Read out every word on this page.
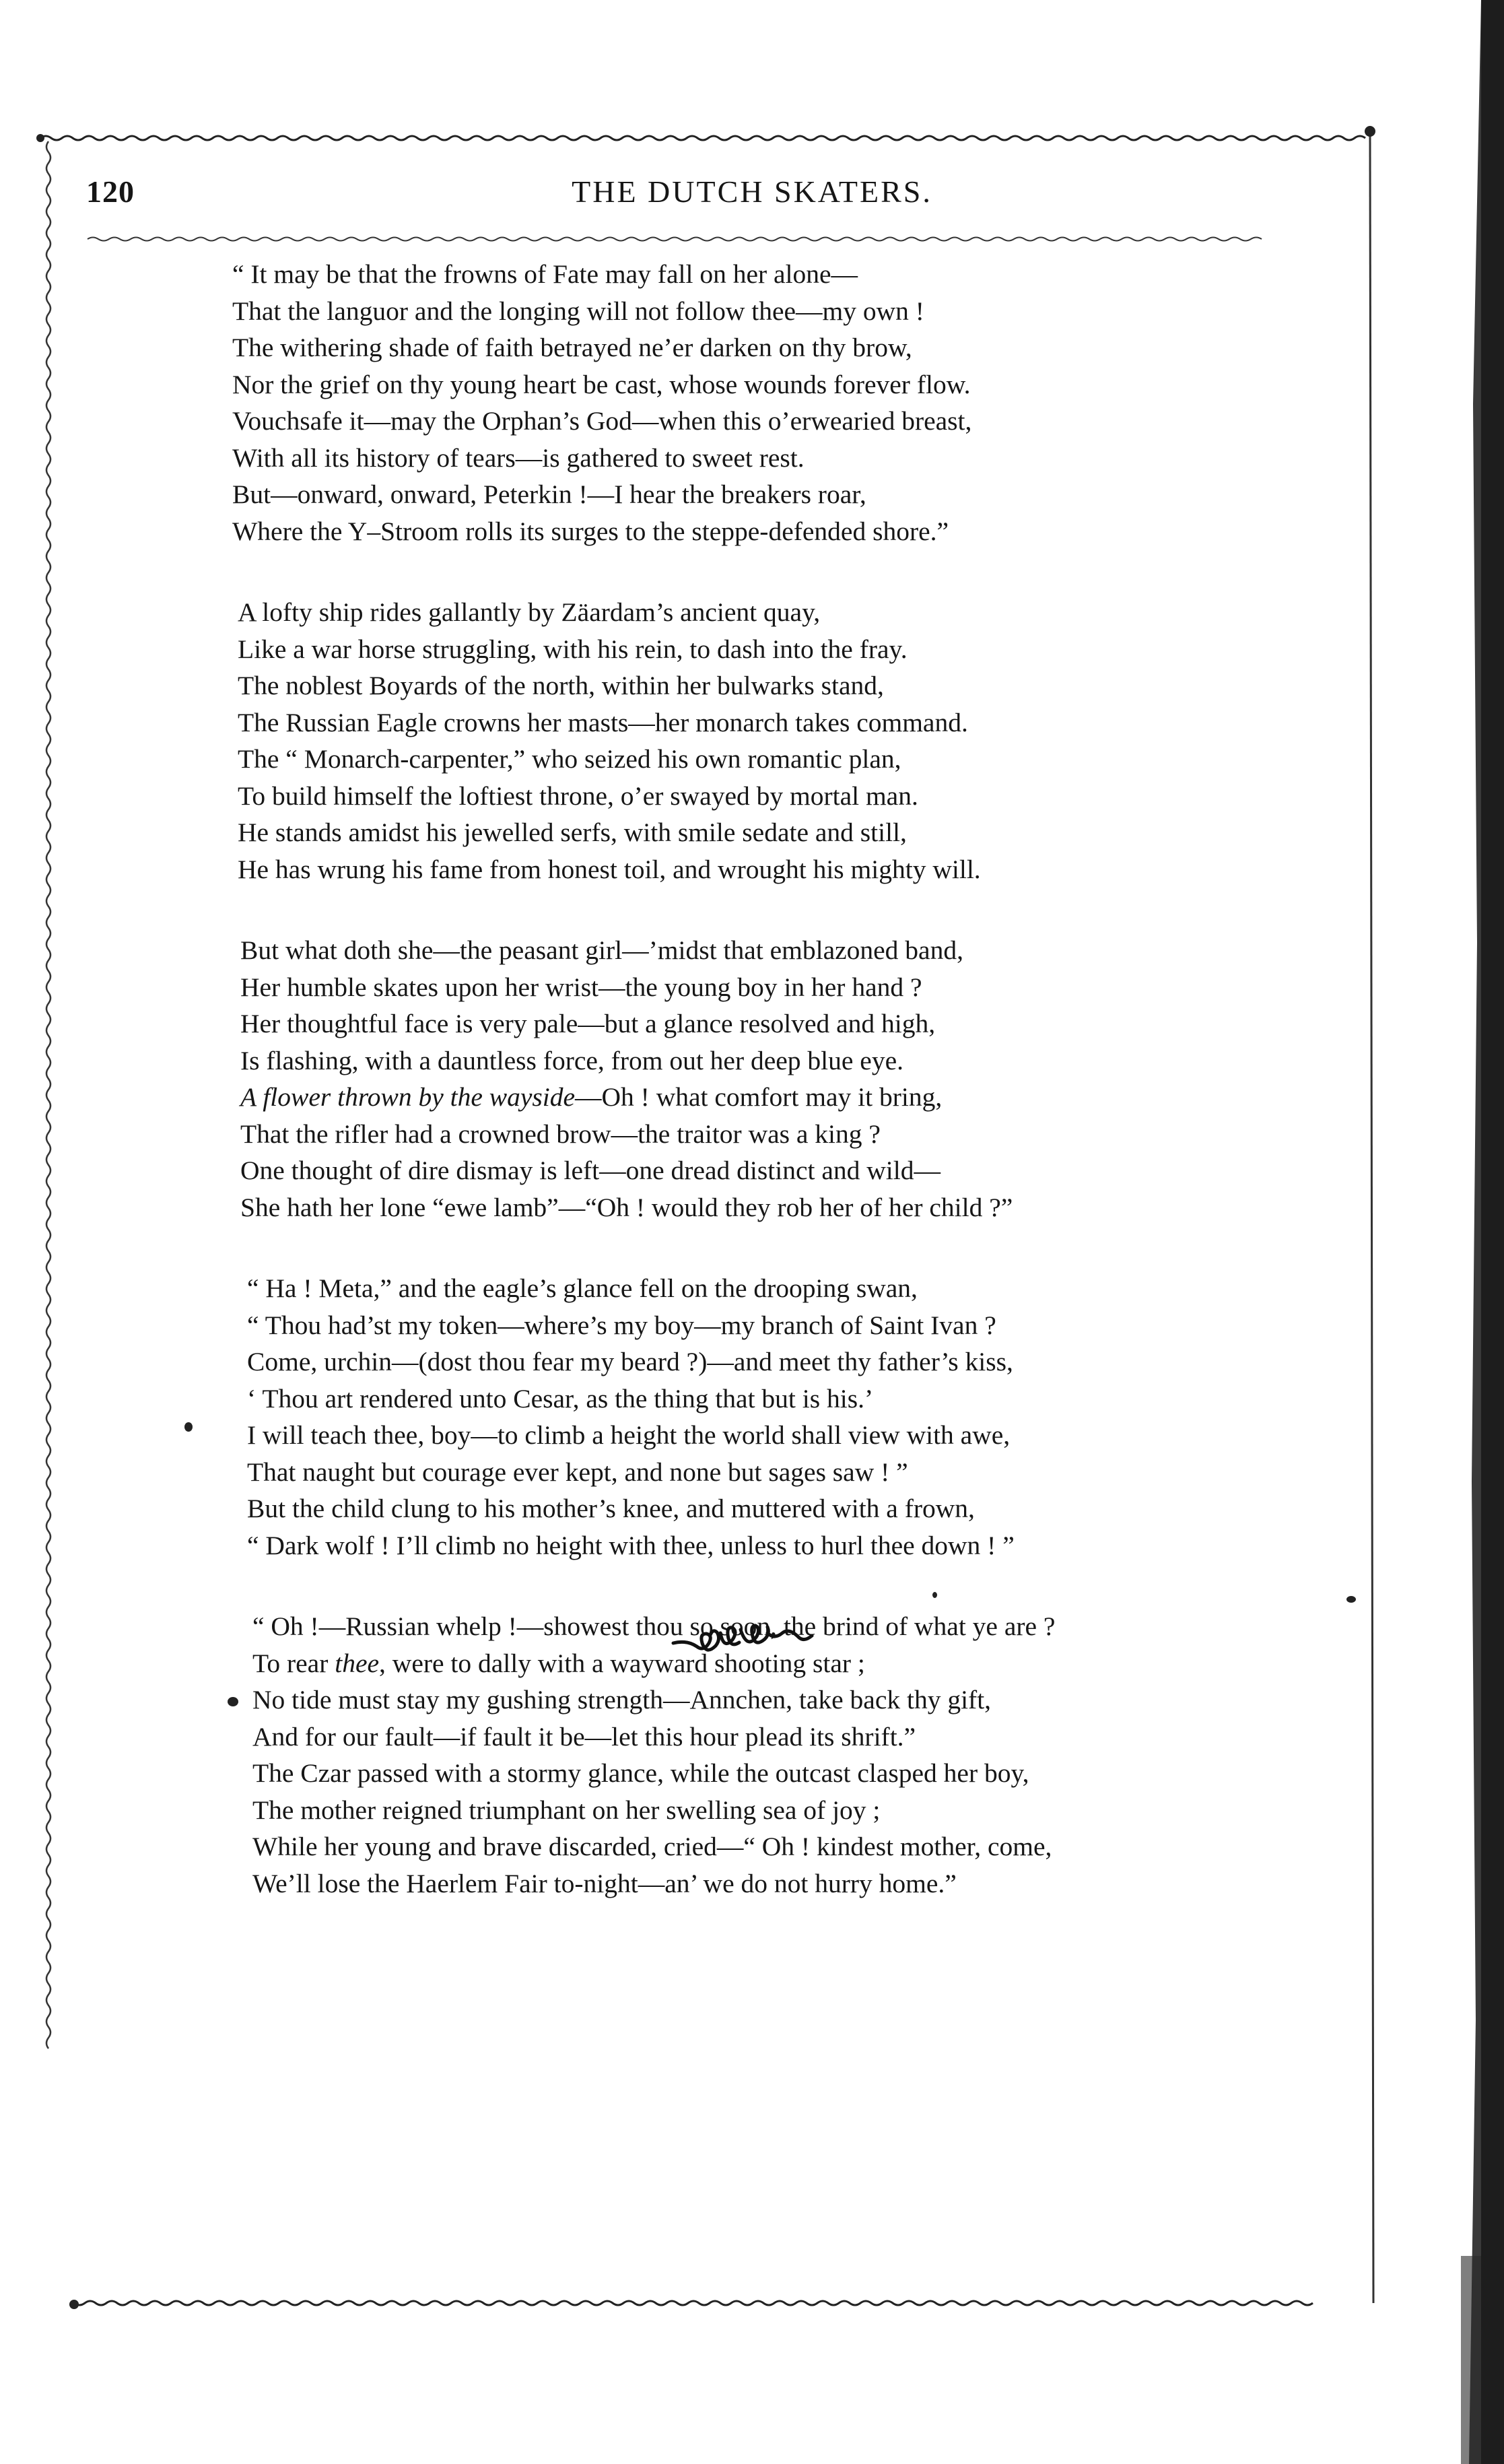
120	THE DUTCH SKATERS.
“ It may be that the frowns of Fate may fall on her alone—
That the languor and the longing will not follow thee—my own !
The withering shade of faith betrayed ne’er darken on thy brow,
Nor the grief on thy young heart be cast, whose wounds forever flow.
Vouchsafe it—may the Orphan’s God—when this o’erwearied breast,
With all its history of tears—is gathered to sweet rest.
But—onward, onward, Peterkin !—I hear the breakers roar,
Where the Y–Stroom rolls its surges to the steppe-defended shore.”
A lofty ship rides gallantly by Zäardam’s ancient quay,
Like a war horse struggling, with his rein, to dash into the fray.
The noblest Boyards of the north, within her bulwarks stand,
The Russian Eagle crowns her masts—her monarch takes command.
The “ Monarch-carpenter,” who seized his own romantic plan,
To build himself the loftiest throne, o’er swayed by mortal man.
He stands amidst his jewelled serfs, with smile sedate and still,
He has wrung his fame from honest toil, and wrought his mighty will.
But what doth she—the peasant girl—’midst that emblazoned band,
Her humble skates upon her wrist—the young boy in her hand ?
Her thoughtful face is very pale—but a glance resolved and high,
Is flashing, with a dauntless force, from out her deep blue eye.
A flower thrown by the wayside—Oh ! what comfort may it bring,
That the rifler had a crowned brow—the traitor was a king ?
One thought of dire dismay is left—one dread distinct and wild—
She hath her lone “ewe lamb”—“Oh ! would they rob her of her child ?”
“ Ha ! Meta,” and the eagle’s glance fell on the drooping swan,
“ Thou had’st my token—where’s my boy—my branch of Saint Ivan ?
Come, urchin—(dost thou fear my beard ?)—and meet thy father’s kiss,
‘ Thou art rendered unto Cesar, as the thing that but is his.’
I will teach thee, boy—to climb a height the world shall view with awe,
That naught but courage ever kept, and none but sages saw ! ”
But the child clung to his mother’s knee, and muttered with a frown,
“ Dark wolf ! I’ll climb no height with thee, unless to hurl thee down ! ”
“ Oh !—Russian whelp !—showest thou so soon, the brind of what ye are ?
To rear thee, were to dally with a wayward shooting star ;
No tide must stay my gushing strength—Annchen, take back thy gift,
And for our fault—if fault it be—let this hour plead its shrift.”
The Czar passed with a stormy glance, while the outcast clasped her boy,
The mother reigned triumphant on her swelling sea of joy ;
While her young and brave discarded, cried—“ Oh ! kindest mother, come,
We’ll lose the Haerlem Fair to-night—an’ we do not hurry home.”
